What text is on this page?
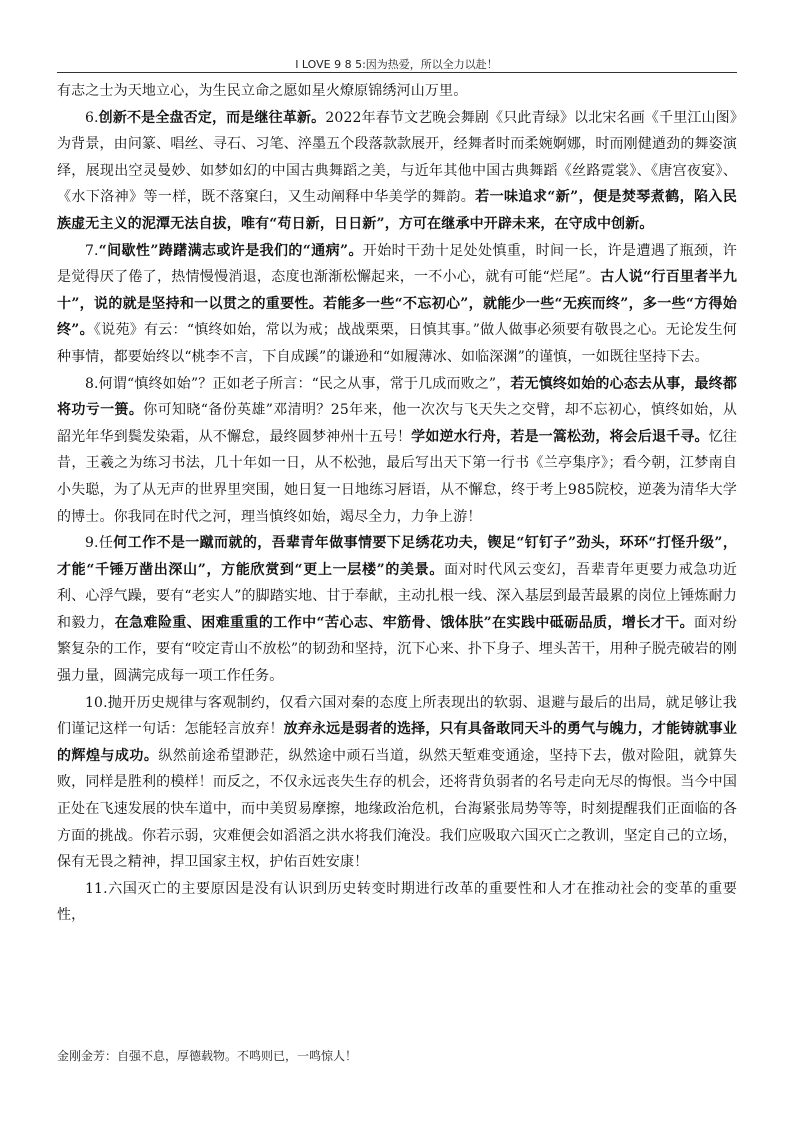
I LOVE 9 8 5:因为热爱，所以全力以赴！

有志之士为天地立心，为生民立命之愿如星火燎原锦绣河山万里。

6.创新不是全盘否定，而是继往革新。2022年春节文艺晚会舞剧《只此青绿》以北宋名画《千里江山图》为背景，由问篆、唱丝、寻石、习笔、淬墨五个段落款款展开，经舞者时而柔婉婀娜，时而刚健遒劲的舞姿演绎，展现出空灵曼妙、如梦如幻的中国古典舞蹈之美，与近年其他中国古典舞蹈《丝路霓裳》、《唐宫夜宴》、《水下洛神》等一样，既不落窠臼，又生动阐释中华美学的舞韵。若一味追求“新”，便是焚琴煮鹤，陷入民族虚无主义的泥潭无法自拔，唯有“苟日新，日日新”，方可在继承中开辟未来，在守成中创新。

7.“间歇性”踌躇满志或许是我们的“通病”。开始时干劲十足处处慎重，时间一长，许是遭遇了瓶颈，许是觉得厌了倦了，热情慢慢消退，态度也渐渐松懈起来，一不小心，就有可能“烂尾”。古人说“行百里者半九十”，说的就是坚持和一以贯之的重要性。若能多一些“不忘初心”，就能少一些“无疾而终”，多一些“方得始终”。《说苑》有云：“慎终如始，常以为戒；战战栗栗，日慎其事。”做人做事必须要有敬畏之心。无论发生何种事情，都要始终以“桃李不言，下自成蹊”的谦逊和“如履薄冰、如临深渊”的谨慎，一如既往坚持下去。

8.何谓“慎终如始”？正如老子所言：“民之从事，常于几成而败之”，若无慎终如始的心态去从事，最终都将功亏一篑。你可知晓“备份英雄”邓清明？25年来，他一次次与飞天失之交臂，却不忘初心，慎终如始，从韶光年华到鬓发染霜，从不懈怠，最终圆梦神州十五号！学如逆水行舟，若是一篙松劲，将会后退千寻。忆往昔，王羲之为练习书法，几十年如一日，从不松弛，最后写出天下第一行书《兰亭集序》；看今朝，江梦南自小失聪，为了从无声的世界里突围，她日复一日地练习唇语，从不懈怠，终于考上985院校，逆袭为清华大学的博士。你我同在时代之河，理当慎终如始，竭尽全力，力争上游！

9.任何工作不是一蹴而就的，吾辈青年做事情要下足绣花功夫，锲足“钉钉子”劲头，环环“打怪升级”，才能“千锤万凿出深山”，方能欣赏到“更上一层楼”的美景。面对时代风云变幻，吾辈青年更要力戒急功近利、心浮气躁，要有“老实人”的脚踏实地、甘于奉献，主动扎根一线、深入基层到最苦最累的岗位上锤炼耐力和毅力，在急难险重、困难重重的工作中“苦心志、牢筋骨、饿体肤”在实践中砥砺品质，增长才干。面对纷繁复杂的工作，要有“咬定青山不放松”的韧劲和坚持，沉下心来、扑下身子、埋头苦干，用种子脱壳破岩的刚强力量，圆满完成每一项工作任务。

10.抛开历史规律与客观制约，仅看六国对秦的态度上所表现出的软弱、退避与最后的出局，就足够让我们谨记这样一句话：怎能轻言放弃！放弃永远是弱者的选择，只有具备敢同天斗的勇气与魄力，才能铸就事业的辉煌与成功。纵然前途希望渺茫，纵然途中顽石当道，纵然天堑难变通途，坚持下去，傲对险阻，就算失败，同样是胜利的模样！而反之，不仅永远丧失生存的机会，还将背负弱者的名号走向无尽的悔恨。当今中国正处在飞速发展的快车道中，而中美贸易摩擦，地缘政治危机，台海紧张局势等等，时刻提醒我们正面临的各方面的挑战。你若示弱，灾难便会如滔滔之洪水将我们淹没。我们应吸取六国灭亡之教训，坚定自己的立场，保有无畏之精神，捍卫国家主权，护佑百姓安康！

11.六国灭亡的主要原因是没有认识到历史转变时期进行改革的重要性和人才在推动社会的变革的重要性，

金刚金芳：自强不息，厚德载物。不鸣则已，一鸣惊人！
